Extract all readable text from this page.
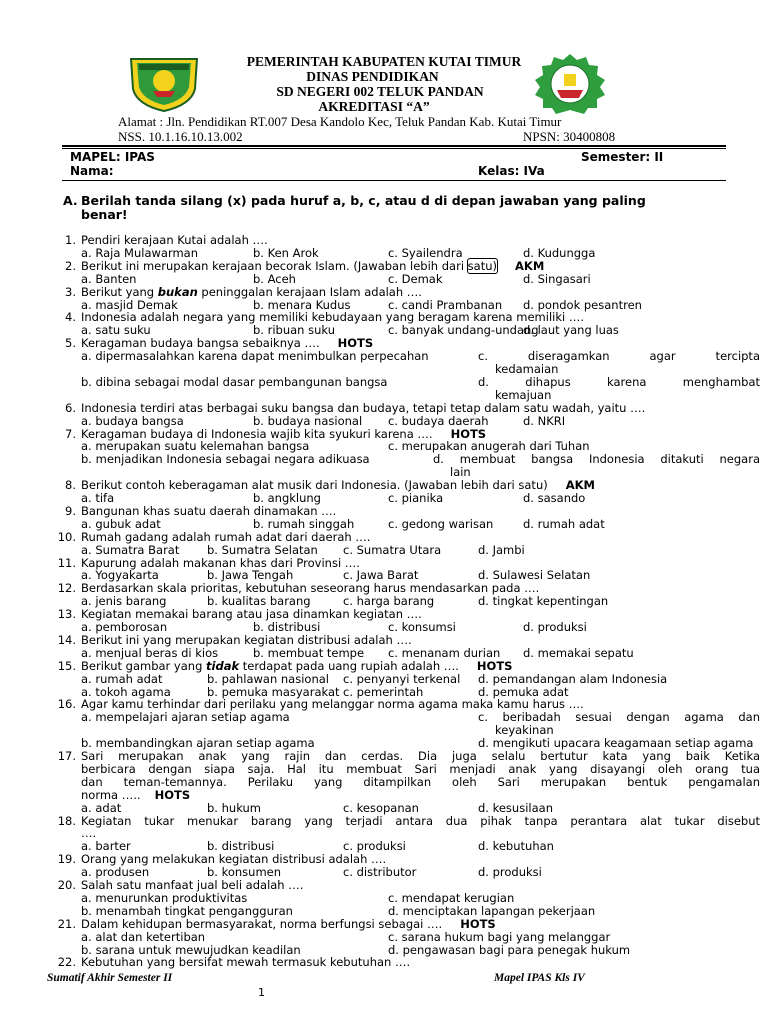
PEMERINTAH KABUPATEN KUTAI TIMUR
DINAS PENDIDIKAN
SD NEGERI 002 TELUK PANDAN
AKREDITASI “A”
Alamat : Jln. Pendidikan RT.007 Desa Kandolo Kec, Teluk Pandan Kab. Kutai Timur
NSS. 10.1.16.10.13.002	NPSN: 30400808
MAPEL: IPAS	Semester: II
Nama:	Kelas: IVa
A. Berilah tanda silang (x) pada huruf a, b, c, atau d di depan jawaban yang paling
benar!
1. Pendiri kerajaan Kutai adalah ….
a. Raja Mulawarman	b. Ken Arok	c. Syailendra	d. Kudungga
2. Berikut ini merupakan kerajaan becorak Islam. (Jawaban lebih dari satu) AKM
a. Banten	b. Aceh	c. Demak	d. Singasari
3. Berikut yang bukan peninggalan kerajaan Islam adalah ….
a. masjid Demak	b. menara Kudus	c. candi Prambanan d. pondok pesantren
4. Indonesia adalah negara yang memiliki kebudayaan yang beragam karena memiliki ….
a. satu suku	b. ribuan suku	c. banyak undang-undang
d. laut yang luas
5. Keragaman budaya bangsa sebaiknya …. HOTS
a. dipermasalahkan karena dapat menimbulkan perpecahan	c. diseragamkan agar tercipta
kedamaian
b. dibina sebagai modal dasar pembangunan bangsa	d. dihapus karena menghambat
kemajuan
6. Indonesia terdiri atas berbagai suku bangsa dan budaya, tetapi tetap dalam satu wadah, yaitu ….
a. budaya bangsa	b. budaya nasional c. budaya daerah	d. NKRI
7. Keragaman budaya di Indonesia wajib kita syukuri karena …. HOTS
a. merupakan suatu kelemahan bangsa	c. merupakan anugerah dari Tuhan
b. menjadikan Indonesia sebagai negara adikuasa	d. membuat bangsa Indonesia ditakuti negara
lain
8. Berikut contoh keberagaman alat musik dari Indonesia. (Jawaban lebih dari satu) AKM
a. tifa	b. angklung	c. pianika	d. sasando
9. Bangunan khas suatu daerah dinamakan ….
a. gubuk adat	b. rumah singgah	c. gedong warisan	d. rumah adat
10. Rumah gadang adalah rumah adat dari daerah ….
a. Sumatra Barat b. Sumatra Selatan c. Sumatra Utara	d. Jambi
11. Kapurung adalah makanan khas dari Provinsi ….
a. Yogyakarta	b. Jawa Tengah	c. Jawa Barat	d. Sulawesi Selatan
12. Berdasarkan skala prioritas, kebutuhan seseorang harus mendasarkan pada ….
a. jenis barang	b. kualitas barang	c. harga barang	d. tingkat kepentingan
13. Kegiatan memakai barang atau jasa dinamkan kegiatan ….
a. pemborosan	b. distribusi	c. konsumsi	d. produksi
14. Berikut ini yang merupakan kegiatan distribusi adalah ….
a. menjual beras di kios	b. membuat tempe c. menanam durian d. memakai sepatu
15. Berikut gambar yang tidak terdapat pada uang rupiah adalah …. HOTS
a. rumah adat	b. pahlawan nasional c. penyanyi terkenal d. pemandangan alam Indonesia
a. tokoh agama	b. pemuka masyarakat c. pemerintah	d. pemuka adat
16. Agar kamu terhindar dari perilaku yang melanggar norma agama maka kamu harus ….
a. mempelajari ajaran setiap agama	c. beribadah sesuai dengan agama dan
keyakinan
b. membandingkan ajaran setiap agama	d. mengikuti upacara keagamaan setiap agama
17. Sari merupakan anak yang rajin dan cerdas. Dia juga selalu bertutur kata yang baik Ketika
berbicara dengan siapa saja. Hal itu membuat Sari menjadi anak yang disayangi oleh orang tua
dan teman-temannya. Perilaku yang ditampilkan oleh Sari merupakan bentuk pengamalan
norma ….. HOTS
a. adat	b. hukum	c. kesopanan	d. kesusilaan
18. Kegiatan tukar menukar barang yang terjadi antara dua pihak tanpa perantara alat tukar disebut
….
a. barter	b. distribusi	c. produksi	d. kebutuhan
19. Orang yang melakukan kegiatan distribusi adalah ….
a. produsen	b. konsumen	c. distributor	d. produksi
20. Salah satu manfaat jual beli adalah ….
a. menurunkan produktivitas	c. mendapat kerugian
b. menambah tingkat pengangguran	d. menciptakan lapangan pekerjaan
21. Dalam kehidupan bermasyarakat, norma berfungsi sebagai …. HOTS
a. alat dan ketertiban	c. sarana hukum bagi yang melanggar
b. sarana untuk mewujudkan keadilan	d. pengawasan bagi para penegak hukum
22. Kebutuhan yang bersifat mewah termasuk kebutuhan ….
Sumatif Akhir Semester II	Mapel IPAS Kls IV
1
